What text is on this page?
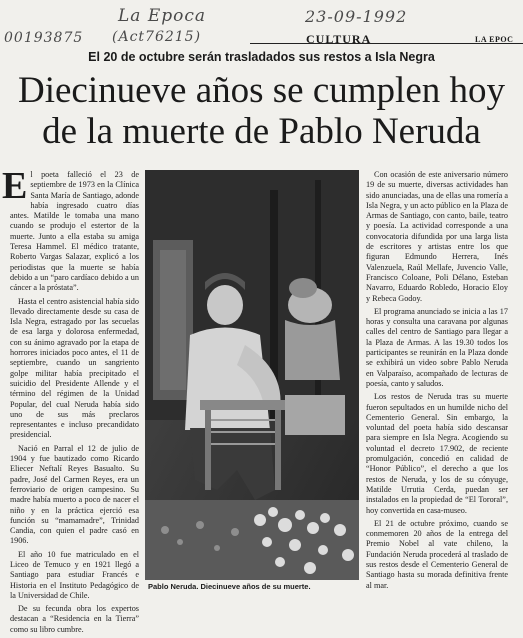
La Epoca	23-09-1992
00193875 (Act76215)	CULTURA	LA EPOC
El 20 de octubre serán trasladados sus restos a Isla Negra
Diecinueve años se cumplen hoy
de la muerte de Pablo Neruda

El poeta falleció el 23 de septiembre de 1973 en la Clínica Santa María de Santiago, adonde había ingresado cuatro días antes. Matilde le tomaba una mano cuando se produjo el estertor de la muerte. Junto a ella estaba su amiga Teresa Hammel. El médico tratante, Roberto Vargas Salazar, explicó a los periodistas que la muerte se había debido a un “paro cardíaco debido a un cáncer a la próstata”.

Hasta el centro asistencial había sido llevado directamente desde su casa de Isla Negra, estragado por las secuelas de esa larga y dolorosa enfermedad, con su ánimo agravado por la etapa de horrores iniciados poco antes, el 11 de septiembre, cuando un sangriento golpe militar había precipitado el suicidio del Presidente Allende y el término del régimen de la Unidad Popular, del cual Neruda había sido uno de sus más preclaros representantes e incluso precandidato presidencial.

Nació en Parral el 12 de julio de 1904 y fue bautizado como Ricardo Eliecer Neftalí Reyes Basualto. Su padre, José del Carmen Reyes, era un ferroviario de origen campesino. Su madre había muerto a poco de nacer el niño y en la práctica ejerció esa función su “mamamadre”, Trinidad Candia, con quien el padre casó en 1906.

El año 10 fue matriculado en el Liceo de Temuco y en 1921 llegó a Santiago para estudiar Francés e Historia en el Instituto Pedagógico de la Universidad de Chile.

De su fecunda obra los expertos destacan a “Residencia en la Tierra” como su libro cumbre.

Pablo Neruda. Diecinueve años de su muerte.

Con ocasión de este aniversario número 19 de su muerte, diversas actividades han sido anunciadas, una de ellas una romería a Isla Negra, y un acto público en la Plaza de Armas de Santiago, con canto, baile, teatro y poesía. La actividad corresponde a una convocatoria difundida por una larga lista de escritores y artistas entre los que figuran Edmundo Herrera, Inés Valenzuela, Raúl Mellafe, Juvencio Valle, Francisco Coloane, Poli Délano, Esteban Navarro, Eduardo Robledo, Horacio Eloy y Rebeca Godoy.

El programa anunciado se inicia a las 17 horas y consulta una caravana por algunas calles del centro de Santiago para llegar a la Plaza de Armas. A las 19.30 todos los participantes se reunirán en la Plaza donde se exhibirá un video sobre Pablo Neruda en Valparaíso, acompañado de lecturas de poesía, canto y saludos.

Los restos de Neruda tras su muerte fueron sepultados en un humilde nicho del Cementerio General. Sin embargo, la voluntad del poeta había sido descansar para siempre en Isla Negra. Acogiendo su voluntad el decreto 17.902, de reciente promulgación, concedió en calidad de “Honor Público”, el derecho a que los restos de Neruda, y los de su cónyuge, Matilde Urrutia Cerda, puedan ser instalados en la propiedad de “El Tororal”, hoy convertida en casa-museo.

El 21 de octubre próximo, cuando se conmemoren 20 años de la entrega del Premio Nobel al vate chileno, la Fundación Neruda procederá al traslado de sus restos desde el Cementerio General de Santiago hasta su morada definitiva frente al mar.
